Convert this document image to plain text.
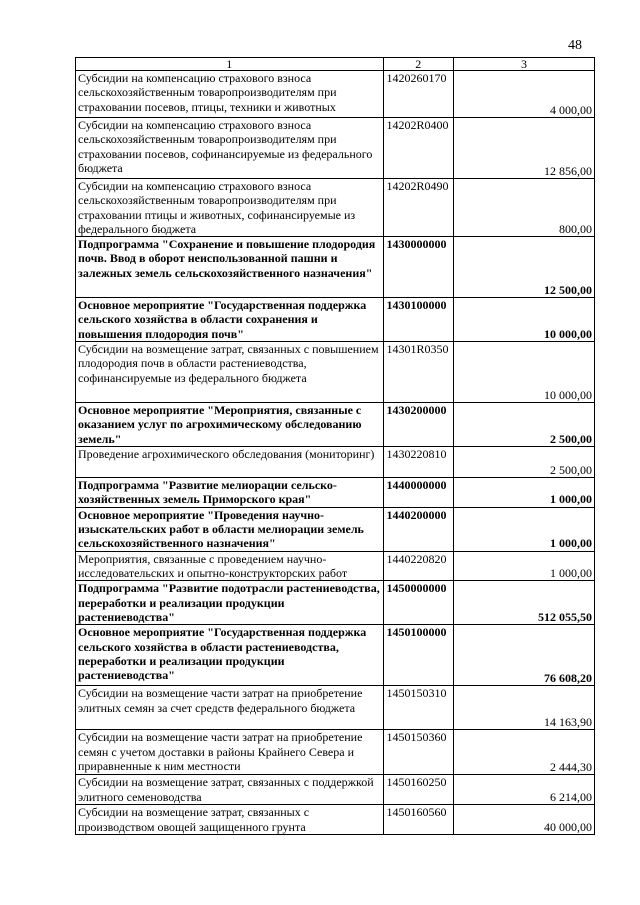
48
1	2	3
Субсидии на компенсацию страхового взноса сельскохозяйственным товаропроизводителям при страховании посевов, птицы, техники и животных	1420260170	4 000,00
Субсидии на компенсацию страхового взноса сельскохозяйственным товаропроизводителям при страховании посевов, софинансируемые из федерального бюджета	14202R0400	12 856,00
Субсидии на компенсацию страхового взноса сельскохозяйственным товаропроизводителям при страховании птицы и животных, софинансируемые из федерального бюджета	14202R0490	800,00
Подпрограмма "Сохранение и повышение плодородия почв. Ввод в оборот неиспользованной пашни и залежных земель сельскохозяйственного назначения"	1430000000	12 500,00
Основное мероприятие "Государственная поддержка сельского хозяйства в области сохранения и повышения плодородия почв"	1430100000	10 000,00
Субсидии на возмещение затрат, связанных с повышением плодородия почв в области растениеводства, софинансируемые из федерального бюджета	14301R0350	10 000,00
Основное мероприятие "Мероприятия, связанные с оказанием услуг по агрохимическому обследованию земель"	1430200000	2 500,00
Проведение агрохимического обследования (мониторинг)	1430220810	2 500,00
Подпрограмма "Развитие мелиорации сельско-хозяйственных земель Приморского края"	1440000000	1 000,00
Основное мероприятие "Проведения научно-изыскательских работ в области мелиорации земель сельскохозяйственного назначения"	1440200000	1 000,00
Мероприятия, связанные с проведением научно-исследовательских и опытно-конструкторских работ	1440220820	1 000,00
Подпрограмма "Развитие подотрасли растениеводства, переработки и реализации продукции растениеводства"	1450000000	512 055,50
Основное мероприятие "Государственная поддержка сельского хозяйства в области растениеводства, переработки и реализации продукции растениеводства"	1450100000	76 608,20
Субсидии на возмещение части затрат на приобретение элитных семян за счет средств федерального бюджета	1450150310	14 163,90
Субсидии на возмещение части затрат на приобретение семян с учетом доставки в районы Крайнего Севера и приравненные к ним местности	1450150360	2 444,30
Субсидии на возмещение затрат, связанных с поддержкой элитного семеноводства	1450160250	6 214,00
Субсидии на возмещение затрат, связанных с производством овощей защищенного грунта	1450160560	40 000,00
